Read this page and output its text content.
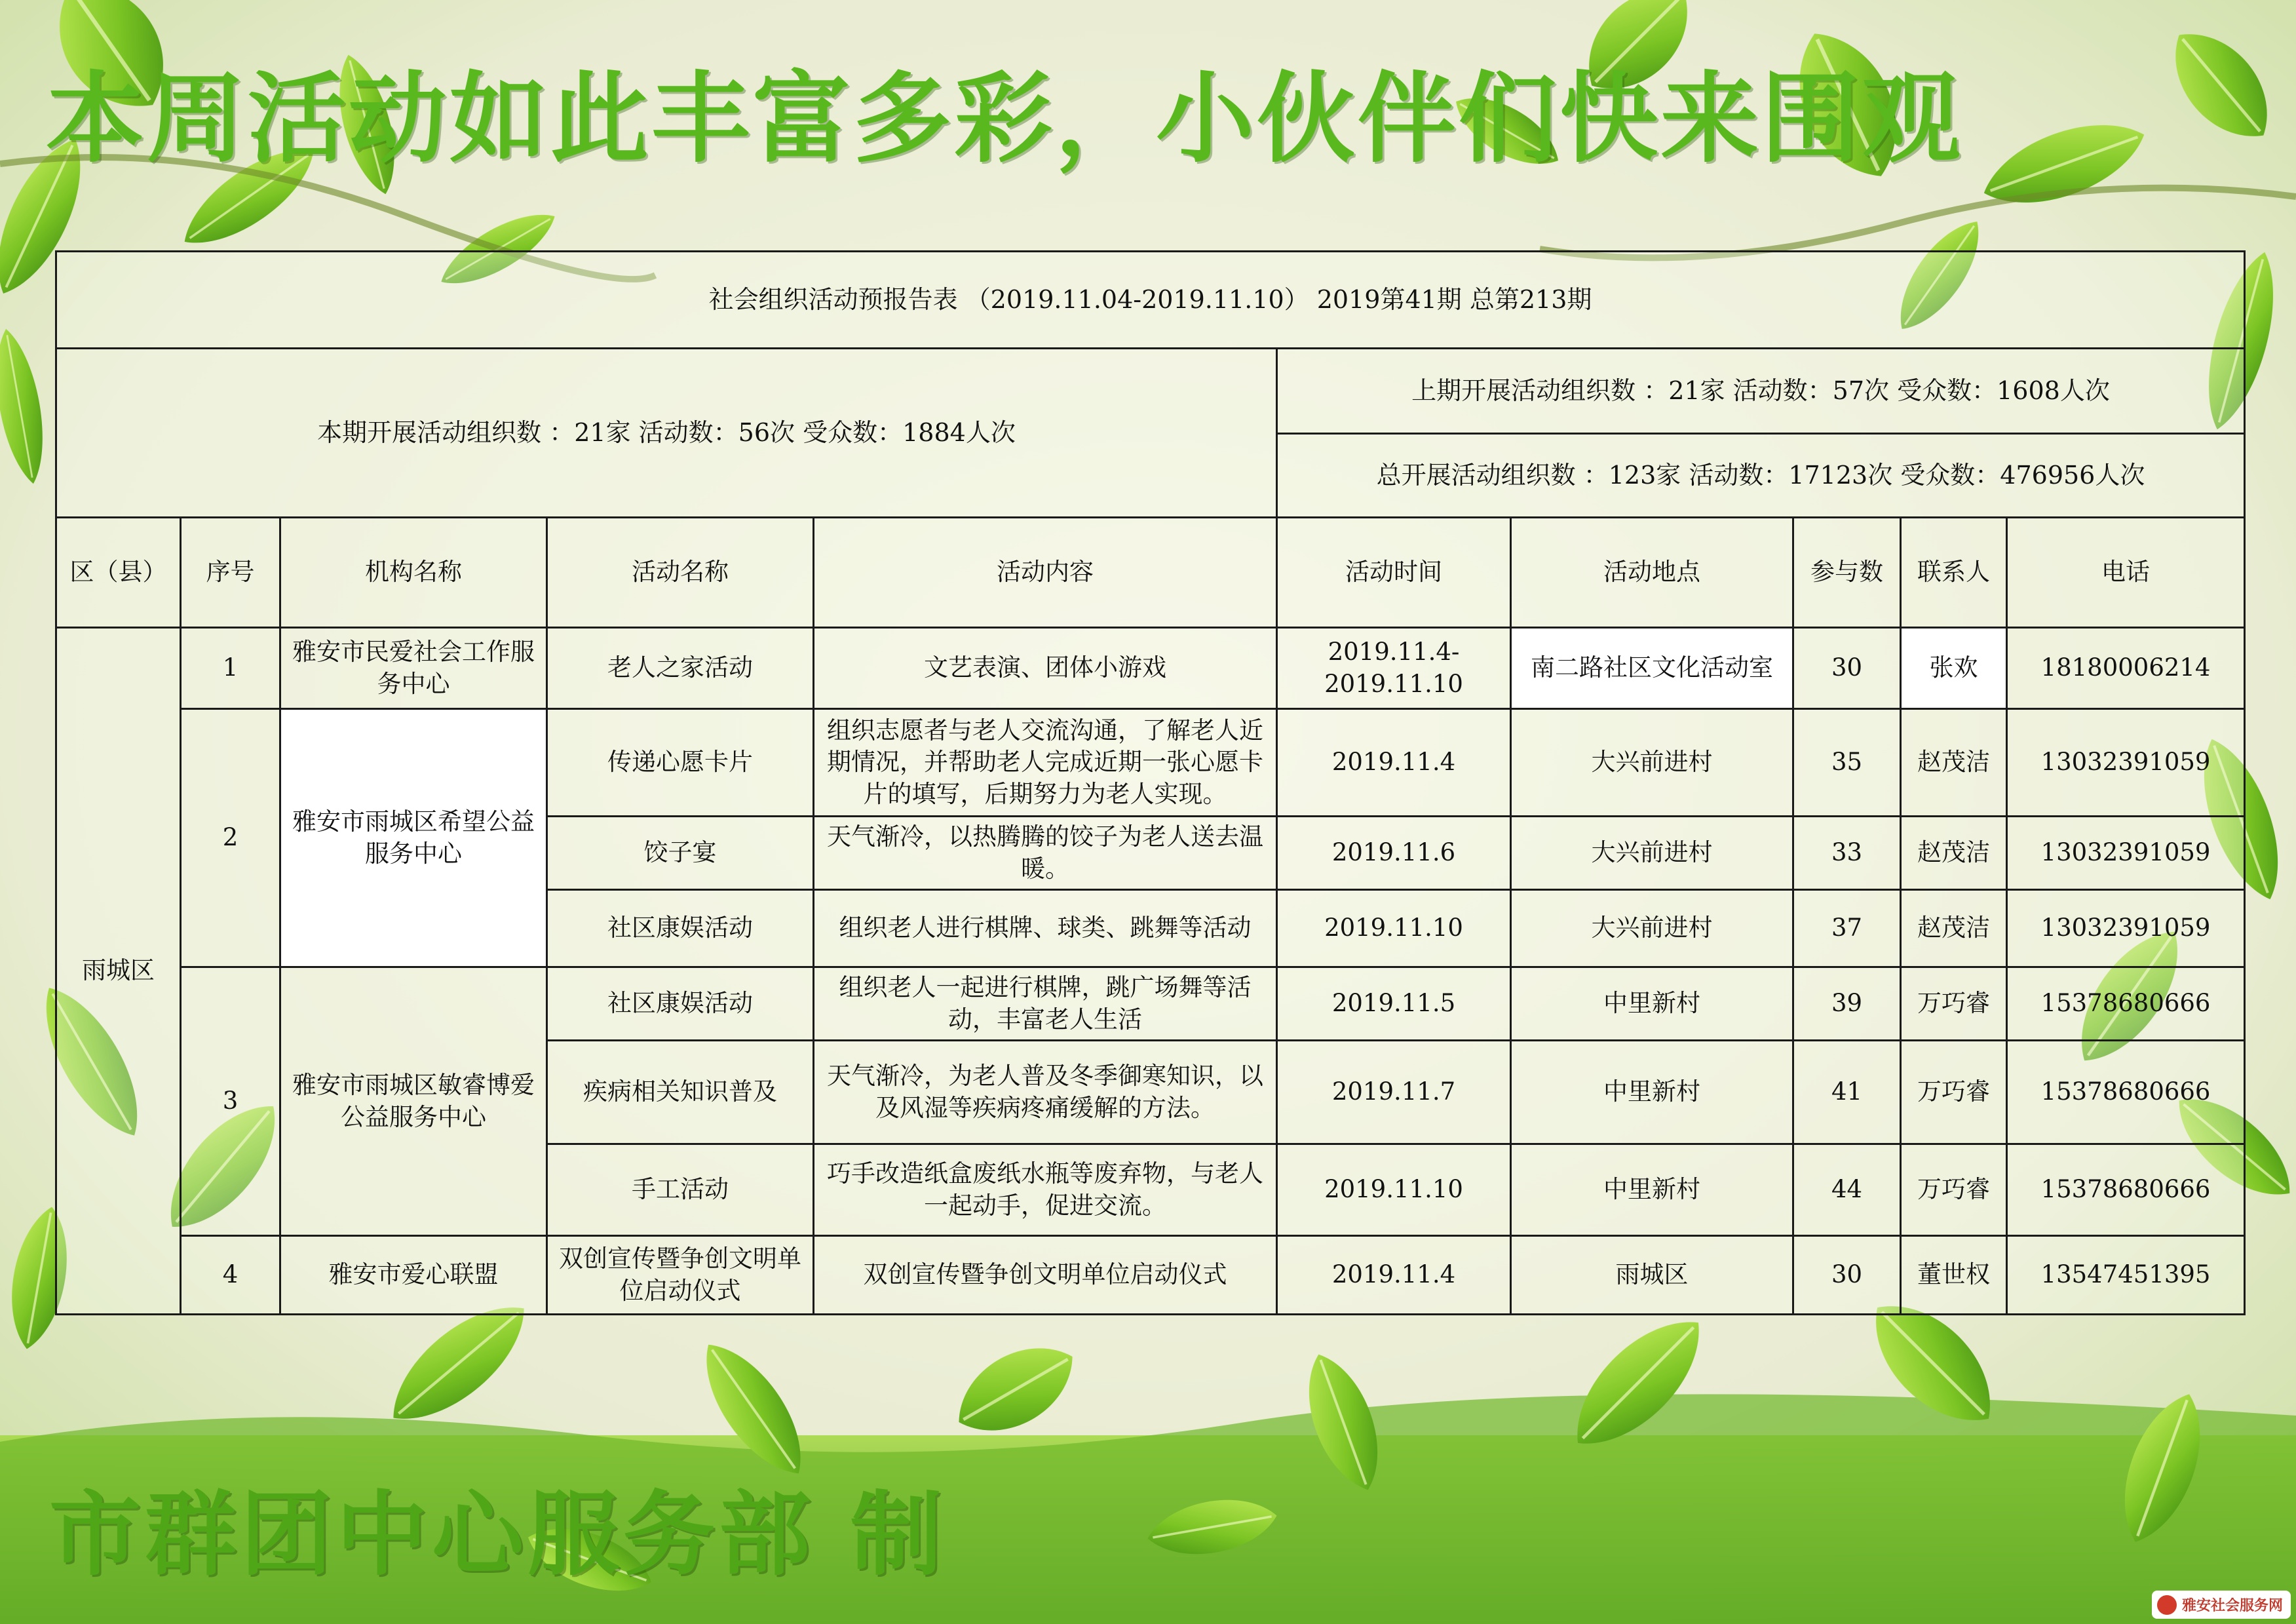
本周活动如此丰富多彩，小伙伴们快来围观
社会组织活动预报告表 （2019.11.04-2019.11.10） 2019第41期 总第213期									
本期开展活动组织数 ：21家 活动数：56次 受众数：1884人次					上期开展活动组织数 ：21家 活动数：57次 受众数：1608人次				
					总开展活动组织数 ：123家 活动数：17123次 受众数：476956人次				
区（县）	序号	机构名称	活动名称	活动内容	活动时间	活动地点	参与数	联系人	电话
雨城区	1	雅安市民爱社会工作服务中心	老人之家活动	文艺表演、团体小游戏	2019.11.4-2019.11.10	南二路社区文化活动室	30	张欢	18180006214
	2	雅安市雨城区希望公益服务中心	传递心愿卡片	组织志愿者与老人交流沟通，了解老人近期情况，并帮助老人完成近期一张心愿卡片的填写，后期努力为老人实现。	2019.11.4	大兴前进村	35	赵茂洁	13032391059
			饺子宴	天气渐冷，以热腾腾的饺子为老人送去温暖。	2019.11.6	大兴前进村	33	赵茂洁	13032391059
			社区康娱活动	组织老人进行棋牌、球类、跳舞等活动	2019.11.10	大兴前进村	37	赵茂洁	13032391059
	3	雅安市雨城区敏睿博爱公益服务中心	社区康娱活动	组织老人一起进行棋牌，跳广场舞等活动，丰富老人生活	2019.11.5	中里新村	39	万巧睿	15378680666
			疾病相关知识普及	天气渐冷，为老人普及冬季御寒知识，以及风湿等疾病疼痛缓解的方法。	2019.11.7	中里新村	41	万巧睿	15378680666
			手工活动	巧手改造纸盒废纸水瓶等废弃物，与老人一起动手，促进交流。	2019.11.10	中里新村	44	万巧睿	15378680666
	4	雅安市爱心联盟	双创宣传暨争创文明单位启动仪式	双创宣传暨争创文明单位启动仪式	2019.11.4	雨城区	30	董世权	13547451395
市群团中心服务部 制
雅安社会服务网
